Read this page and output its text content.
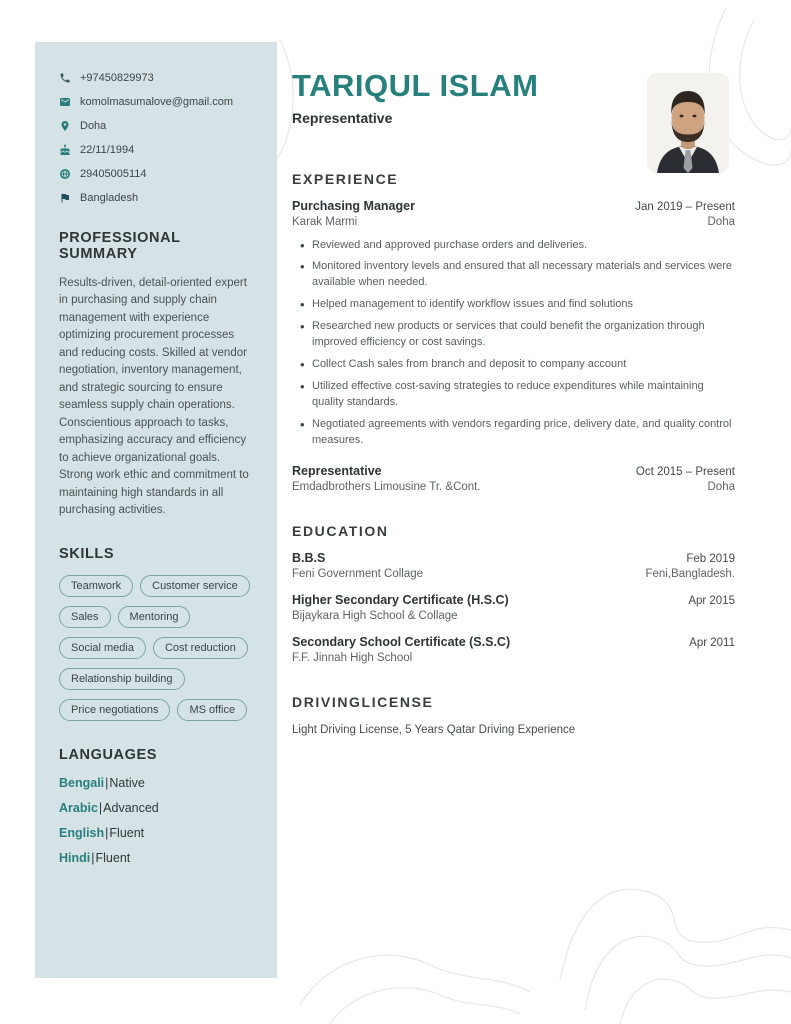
+97450829973
komolmasumalove@gmail.com
Doha
22/11/1994
29405005114
Bangladesh
PROFESSIONAL SUMMARY

Results-driven, detail-oriented expert in purchasing and supply chain management with experience optimizing procurement processes and reducing costs. Skilled at vendor negotiation, inventory management, and strategic sourcing to ensure seamless supply chain operations. Conscientious approach to tasks, emphasizing accuracy and efficiency to achieve organizational goals. Strong work ethic and commitment to maintaining high standards in all purchasing activities.

SKILLS
Teamwork	Customer service
Sales	Mentoring
Social media	Cost reduction
Relationship building
Price negotiations	MS office
LANGUAGES
Bengali|Native
Arabic|Advanced
English|Fluent
Hindi|Fluent
TARIQUL ISLAM
Representative
EXPERIENCE
Purchasing Manager	Jan 2019 – Present
Karak Marmi	Doha
• Reviewed and approved purchase orders and deliveries.
• Monitored inventory levels and ensured that all necessary materials and services were available when needed.
• Helped management to identify workflow issues and find solutions
• Researched new products or services that could benefit the organization through improved efficiency or cost savings.
• Collect Cash sales from branch and deposit to company account
• Utilized effective cost-saving strategies to reduce expenditures while maintaining quality standards.
• Negotiated agreements with vendors regarding price, delivery date, and quality control measures.
Representative	Oct 2015 – Present
Emdadbrothers Limousine Tr. &Cont.	Doha
EDUCATION
B.B.S	Feb 2019
Feni Government Collage	Feni,Bangladesh.
Higher Secondary Certificate (H.S.C)	Apr 2015
Bijaykara High School & Collage
Secondary School Certificate (S.S.C)	Apr 2011
F.F. Jinnah High School
DRIVINGLICENSE

Light Driving License, 5 Years Qatar Driving Experience
